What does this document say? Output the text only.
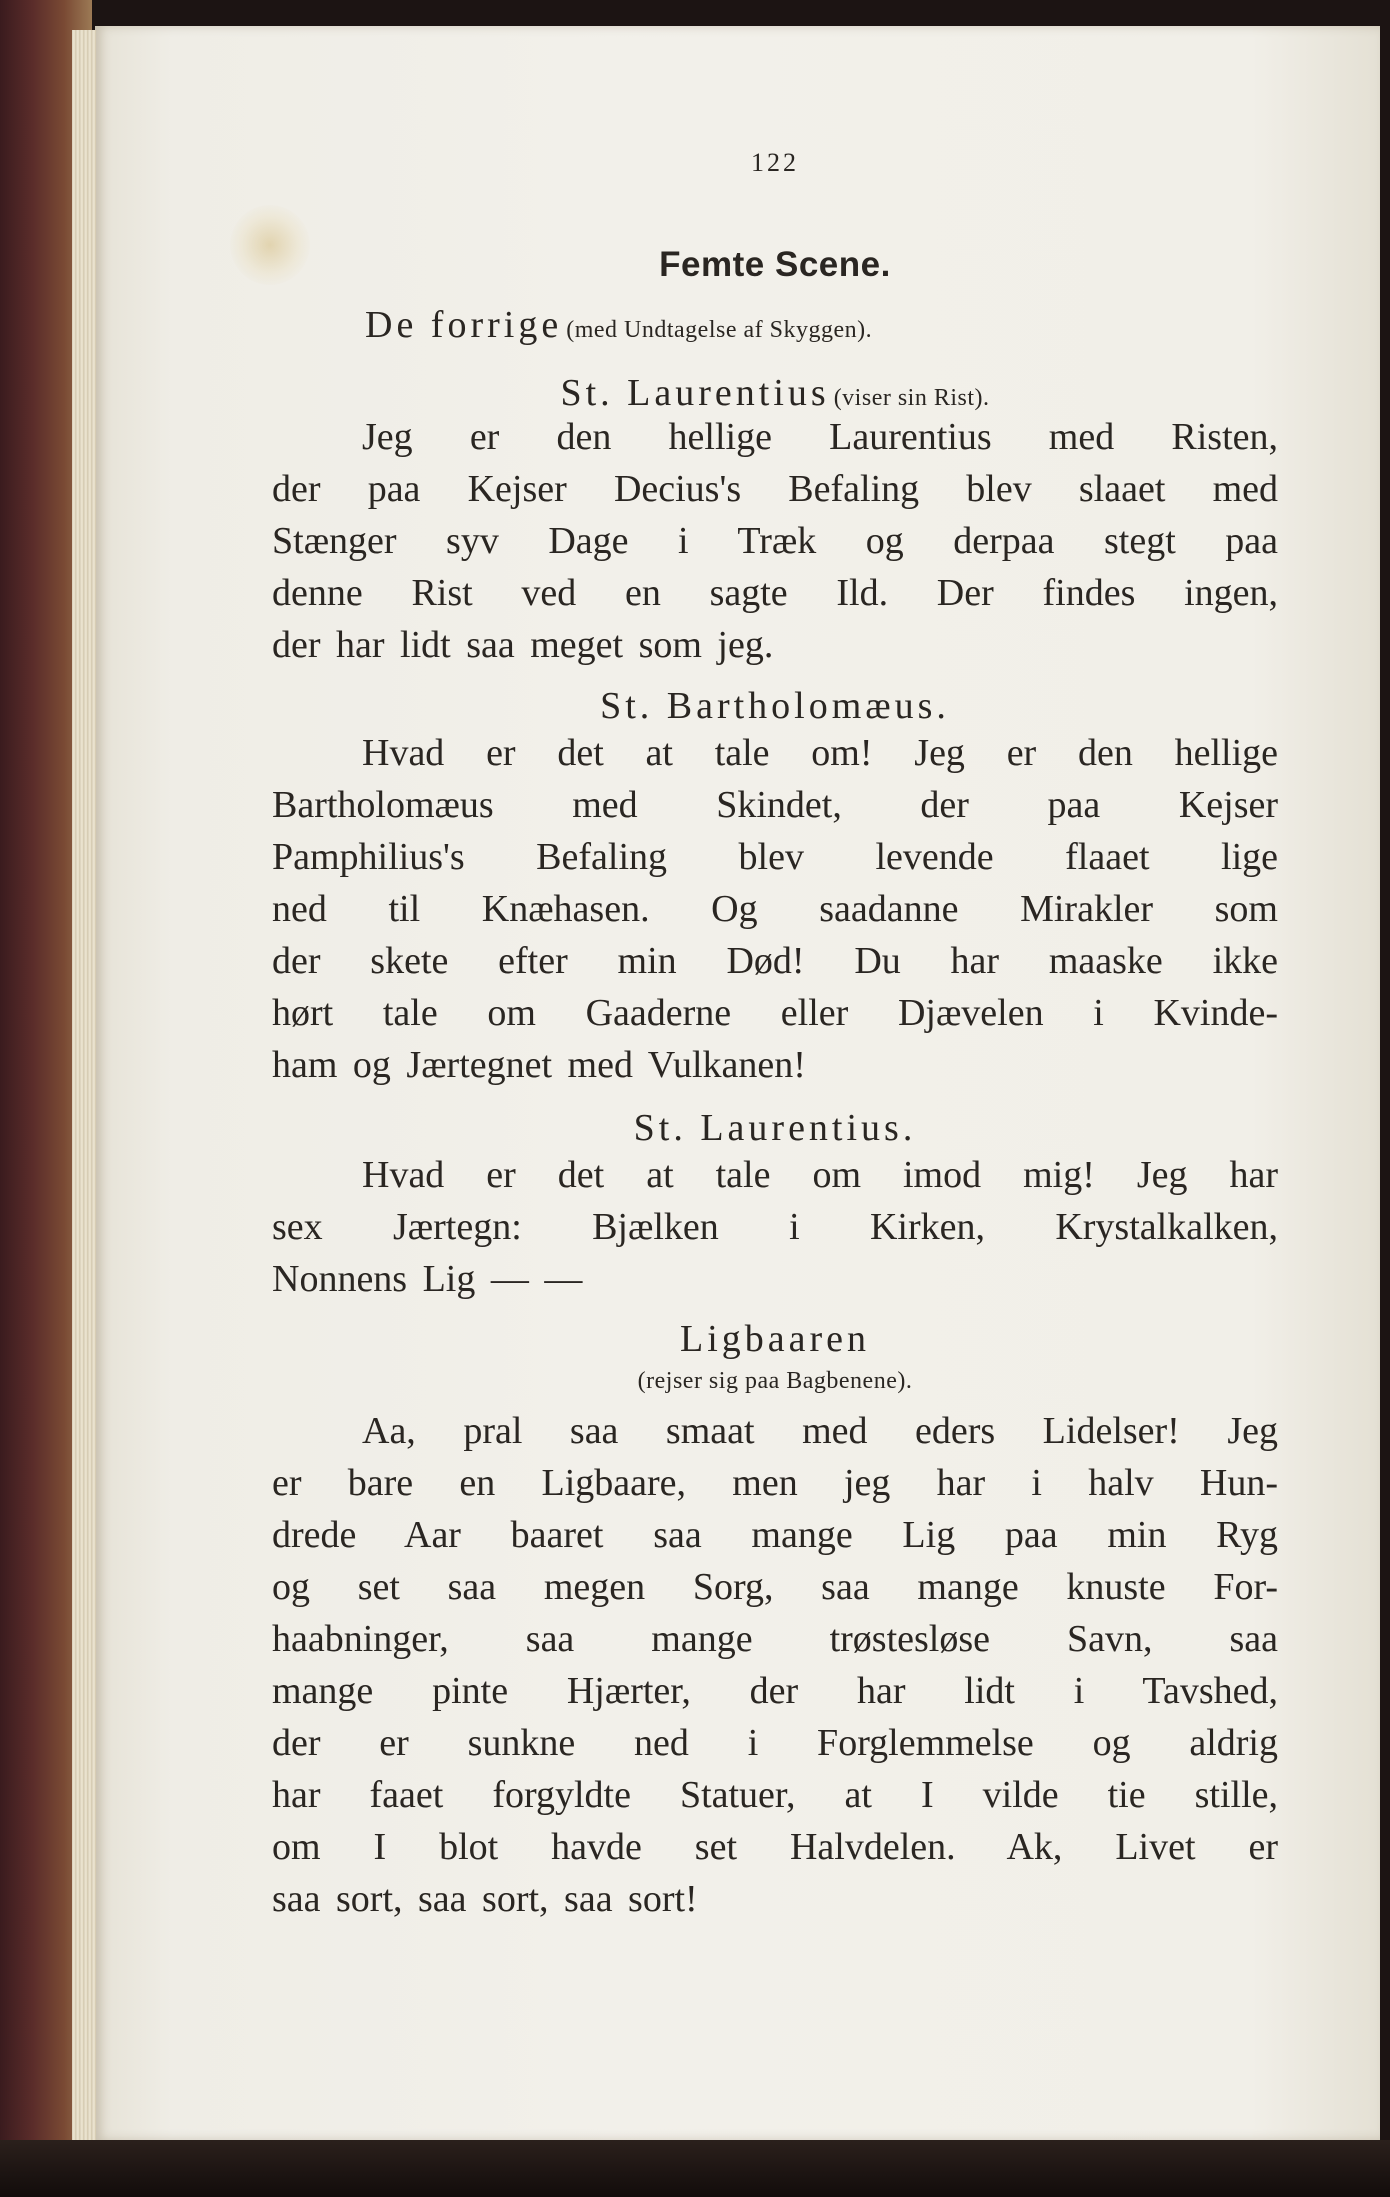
122
Femte Scene.
De forrige (med Undtagelse af Skyggen).
St. Laurentius (viser sin Rist).
Jeg er den hellige Laurentius med Risten,
der paa Kejser Decius's Befaling blev slaaet med
Stænger syv Dage i Træk og derpaa stegt paa
denne Rist ved en sagte Ild. Der findes ingen,
der har lidt saa meget som jeg.
St. Bartholomæus.
Hvad er det at tale om! Jeg er den hellige
Bartholomæus med Skindet, der paa Kejser
Pamphilius's Befaling blev levende flaaet lige
ned til Knæhasen. Og saadanne Mirakler som
der skete efter min Død! Du har maaske ikke
hørt tale om Gaaderne eller Djævelen i Kvinde-
ham og Jærtegnet med Vulkanen!
St. Laurentius.
Hvad er det at tale om imod mig! Jeg har
sex Jærtegn: Bjælken i Kirken, Krystalkalken,
Nonnens Lig — —
Ligbaaren
(rejser sig paa Bagbenene).
Aa, pral saa smaat med eders Lidelser! Jeg
er bare en Ligbaare, men jeg har i halv Hun-
drede Aar baaret saa mange Lig paa min Ryg
og set saa megen Sorg, saa mange knuste For-
haabninger, saa mange trøstesløse Savn, saa
mange pinte Hjærter, der har lidt i Tavshed,
der er sunkne ned i Forglemmelse og aldrig
har faaet forgyldte Statuer, at I vilde tie stille,
om I blot havde set Halvdelen. Ak, Livet er
saa sort, saa sort, saa sort!
